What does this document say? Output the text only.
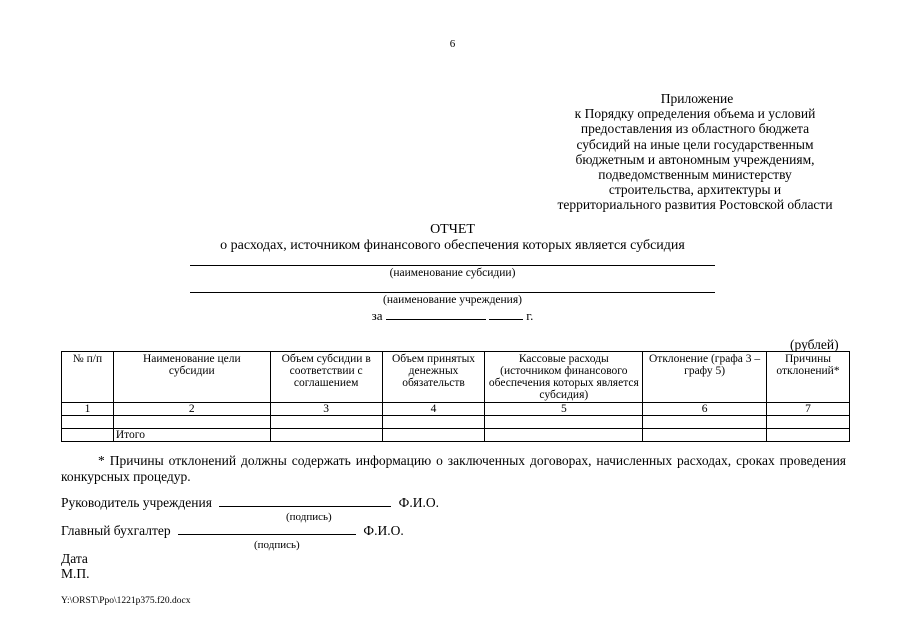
6
Приложение
к Порядку определения объема и условий
предоставления из областного бюджета
субсидий на иные цели государственным
бюджетным и автономным учреждениям,
подведомственным министерству
строительства, архитектуры и
территориального развития Ростовской области
ОТЧЕТ
о расходах, источником финансового обеспечения которых является субсидия
(наименование субсидии)
(наименование учреждения)
за	г.
(рублей)
№ п/п	Наименование цели субсидии	Объем субсидии в соответствии с соглашением	Объем принятых денежных обязательств	Кассовые расходы (источником финансового обеспечения которых является субсидия)	Отклонение (графа 3 – графу 5)	Причины отклонений*
1	2	3	4	5	6	7

	Итого					
* Причины отклонений должны содержать информацию о заключенных договорах, начисленных расходах, сроках проведения конкурсных процедур.
Руководитель учреждения	Ф.И.О.
(подпись)
Главный бухгалтер	Ф.И.О.
(подпись)
Дата
М.П.
Y:\ORST\Ppo\1221p375.f20.docx
